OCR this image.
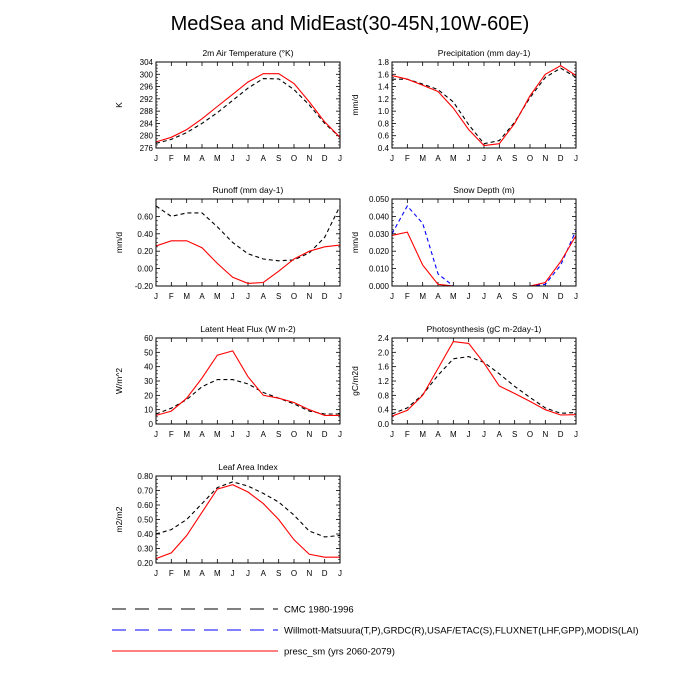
MedSea and MidEast(30-45N,10W-60E)
2m Air Temperature (°K)
K
276
280
284
288
292
296
300
304
J F M A M J J A S O N D J
Precipitation (mm day-1)
mm/d
0.4
0.6
0.8
1.0
1.2
1.4
1.6
1.8
J F M A M J J A S O N D J
Runoff (mm day-1)
mm/d
-0.20
0.00
0.20
0.40
0.60
J F M A M J J A S O N D J
Snow Depth (m)
mm/d
0.000
0.010
0.020
0.030
0.040
0.050
J F M A M J J A S O N D J
Latent Heat Flux (W m-2)
W/m^2
0
10
20
30
40
50
60
J F M A M J J A S O N D J
Photosynthesis (gC m-2day-1)
gC/m2d
0.0
0.4
0.8
1.2
1.6
2.0
2.4
J F M A M J J A S O N D J
Leaf Area Index
m2/m2
0.20
0.30
0.40
0.50
0.60
0.70
0.80
J F M A M J J A S O N D J
CMC 1980-1996
Willmott-Matsuura(T,P),GRDC(R),USAF/ETAC(S),FLUXNET(LHF,GPP),MODIS(LAI)
presc_sm (yrs 2060-2079)
